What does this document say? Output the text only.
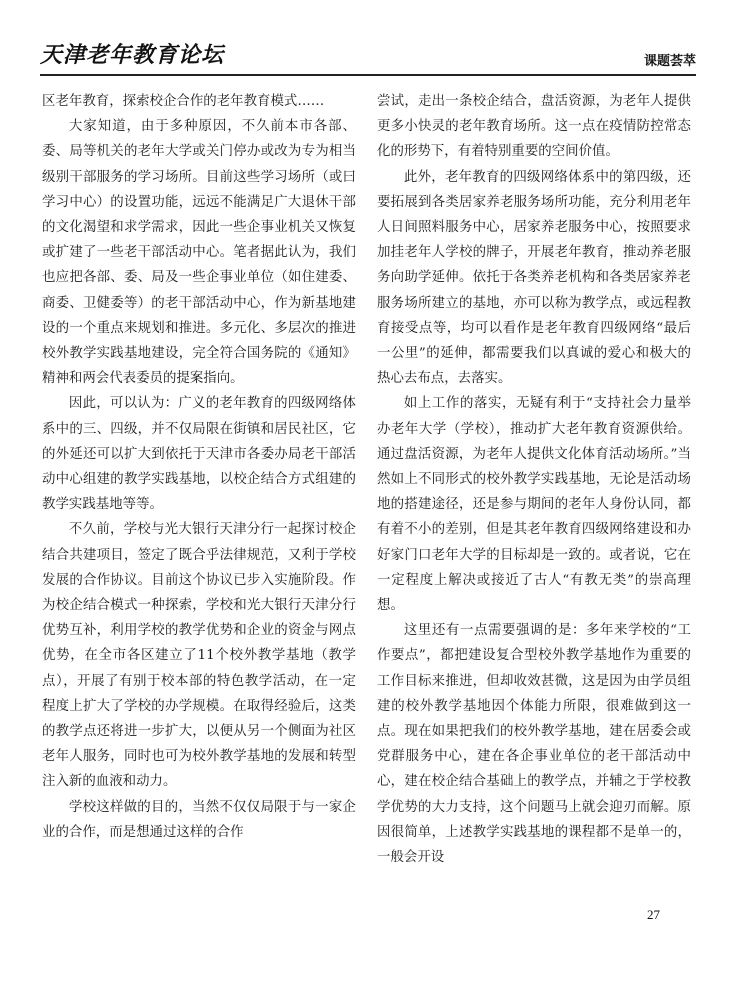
天津老年教育论坛	课题荟萃

区老年教育，探索校企合作的老年教育模式……

大家知道，由于多种原因，不久前本市各部、委、局等机关的老年大学或关门停办或改为专为相当级别干部服务的学习场所。目前这些学习场所（或曰学习中心）的设置功能，远远不能满足广大退休干部的文化渴望和求学需求，因此一些企事业机关又恢复或扩建了一些老干部活动中心。笔者据此认为，我们也应把各部、委、局及一些企事业单位（如住建委、商委、卫健委等）的老干部活动中心，作为新基地建设的一个重点来规划和推进。多元化、多层次的推进校外教学实践基地建设，完全符合国务院的《通知》精神和两会代表委员的提案指向。

因此，可以认为：广义的老年教育的四级网络体系中的三、四级，并不仅局限在街镇和居民社区，它的外延还可以扩大到依托于天津市各委办局老干部活动中心组建的教学实践基地，以校企结合方式组建的教学实践基地等等。

不久前，学校与光大银行天津分行一起探讨校企结合共建项目，签定了既合乎法律规范，又利于学校发展的合作协议。目前这个协议已步入实施阶段。作为校企结合模式一种探索，学校和光大银行天津分行优势互补，利用学校的教学优势和企业的资金与网点优势，在全市各区建立了11个校外教学基地（教学点），开展了有别于校本部的特色教学活动，在一定程度上扩大了学校的办学规模。在取得经验后，这类的教学点还将进一步扩大，以便从另一个侧面为社区老年人服务，同时也可为校外教学基地的发展和转型注入新的血液和动力。

学校这样做的目的，当然不仅仅局限于与一家企业的合作，而是想通过这样的合作

尝试，走出一条校企结合，盘活资源，为老年人提供更多小快灵的老年教育场所。这一点在疫情防控常态化的形势下，有着特别重要的空间价值。

此外，老年教育的四级网络体系中的第四级，还要拓展到各类居家养老服务场所功能，充分利用老年人日间照料服务中心，居家养老服务中心，按照要求加挂老年人学校的牌子，开展老年教育，推动养老服务向助学延伸。依托于各类养老机构和各类居家养老服务场所建立的基地，亦可以称为教学点，或远程教育接受点等，均可以看作是老年教育四级网络“最后一公里”的延伸，都需要我们以真诚的爱心和极大的热心去布点，去落实。

如上工作的落实，无疑有利于“支持社会力量举办老年大学（学校），推动扩大老年教育资源供给。通过盘活资源，为老年人提供文化体育活动场所。”当然如上不同形式的校外教学实践基地，无论是活动场地的搭建途径，还是参与期间的老年人身份认同，都有着不小的差别，但是其老年教育四级网络建设和办好家门口老年大学的目标却是一致的。或者说，它在一定程度上解决或接近了古人“有教无类”的崇高理想。

这里还有一点需要强调的是：多年来学校的“工作要点”，都把建设复合型校外教学基地作为重要的工作目标来推进，但却收效甚微，这是因为由学员组建的校外教学基地因个体能力所限，很难做到这一点。现在如果把我们的校外教学基地，建在居委会或党群服务中心，建在各企事业单位的老干部活动中心，建在校企结合基础上的教学点，并辅之于学校教学优势的大力支持，这个问题马上就会迎刃而解。原因很简单，上述教学实践基地的课程都不是单一的，一般会开设

27
